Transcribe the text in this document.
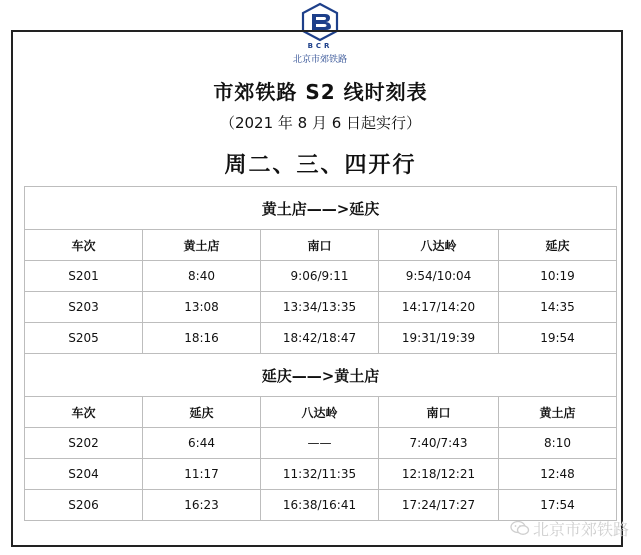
BCR
北京市郊铁路
市郊铁路 S2 线时刻表
（2021 年 8 月 6 日起实行）
周二、三、四开行
黄土店——>延庆				
车次	黄土店	南口	八达岭	延庆
S201	8:40	9:06/9:11	9:54/10:04	10:19
S203	13:08	13:34/13:35	14:17/14:20	14:35
S205	18:16	18:42/18:47	19:31/19:39	19:54
延庆——>黄土店				
车次	延庆	八达岭	南口	黄土店
S202	6:44	——	7:40/7:43	8:10
S204	11:17	11:32/11:35	12:18/12:21	12:48
S206	16:23	16:38/16:41	17:24/17:27	17:54
北京市郊铁路
